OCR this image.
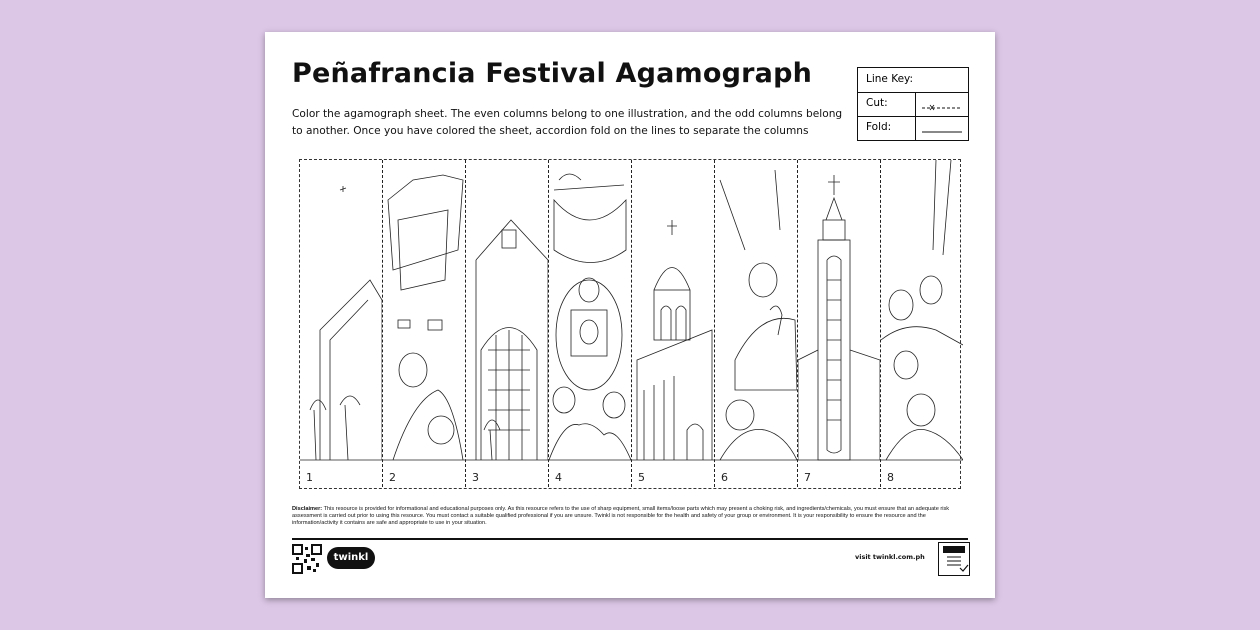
Peñafrancia Festival Agamograph
Color the agamograph sheet. The even columns belong to one illustration, and the odd columns belong to another. Once you have colored the sheet, accordion fold on the lines to separate the columns
Line Key:
Cut:
Fold:
1	2	3	4	5	6	7	8
Disclaimer: This resource is provided for informational and educational purposes only. As this resource refers to the use of sharp equipment, small items/loose parts which may present a choking risk, and ingredients/chemicals, you must ensure that an adequate risk assessment is carried out prior to using this resource. You must contact a suitable qualified professional if you are unsure. Twinkl is not responsible for the health and safety of your group or environment. It is your responsibility to ensure the resource and the information/activity it contains are safe and appropriate to use in your situation.
twinkl	visit twinkl.com.ph
